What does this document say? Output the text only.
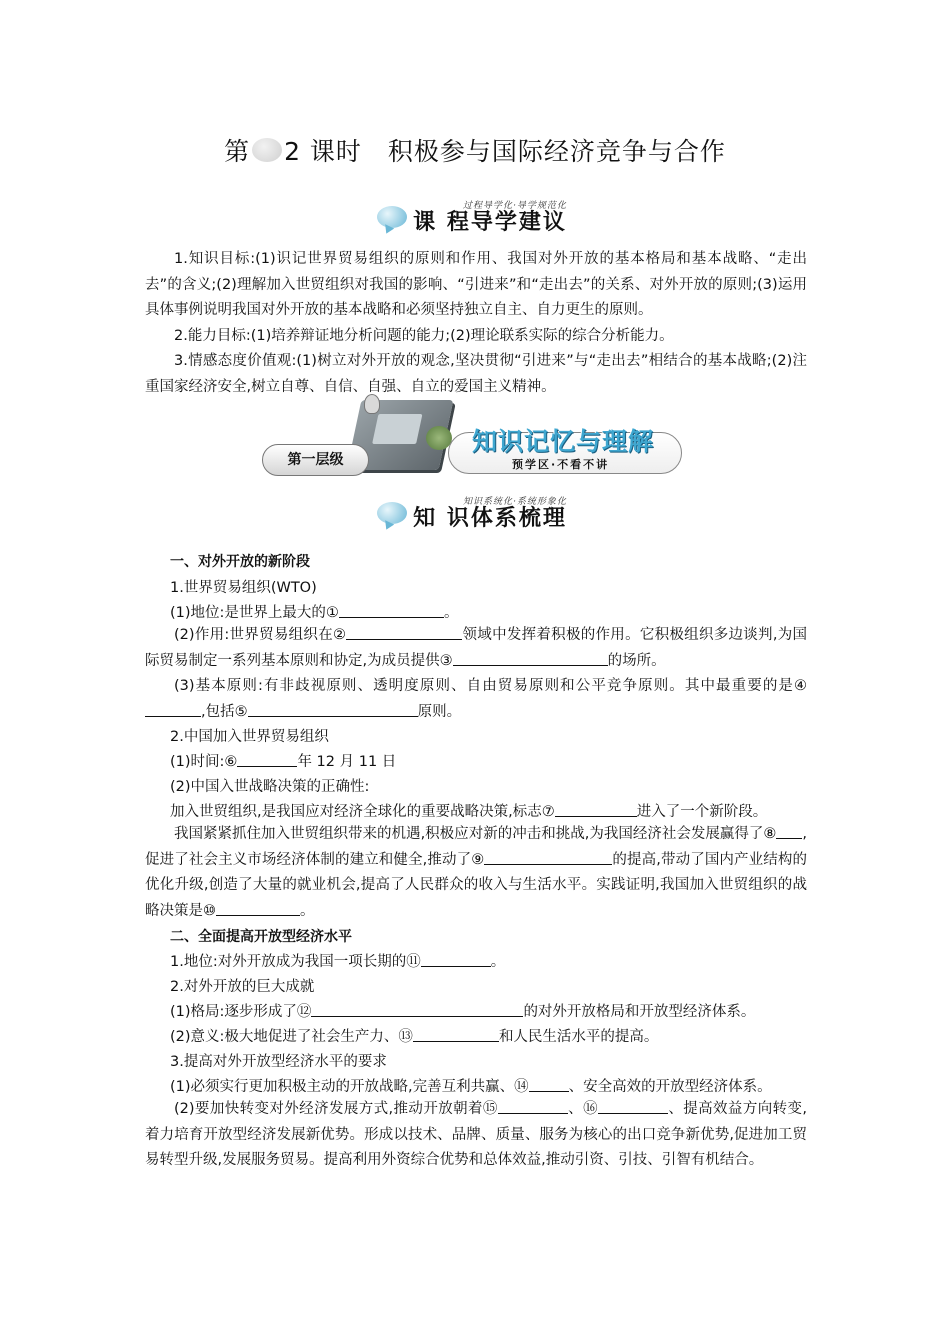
第 2 课时　积极参与国际经济竞争与合作
过程导学化·导学规范化
课 程导学建议

1.知识目标:(1)识记世界贸易组织的原则和作用、我国对外开放的基本格局和基本战略、“走出去”的含义;(2)理解加入世贸组织对我国的影响、“引进来”和“走出去”的关系、对外开放的原则;(3)运用具体事例说明我国对外开放的基本战略和必须坚持独立自主、自力更生的原则。

2.能力目标:(1)培养辩证地分析问题的能力;(2)理论联系实际的综合分析能力。

3.情感态度价值观:(1)树立对外开放的观念,坚决贯彻“引进来”与“走出去”相结合的基本战略;(2)注重国家经济安全,树立自尊、自信、自强、自立的爱国主义精神。

第一层级
知识记忆与理解
预学区·不看不讲
知识系统化·系统形象化
知 识体系梳理
一、对外开放的新阶段
1.世界贸易组织(WTO)
(1)地位:是世界上最大的①	。

(2)作用:世界贸易组织在②	领域中发挥着积极的作用。它积极组织多边谈判,为国际贸易制定一系列基本原则和协定,为成员提供③	的场所。

(3)基本原则:有非歧视原则、透明度原则、自由贸易原则和公平竞争原则。其中最重要的是④,包括⑤	原则。

2.中国加入世界贸易组织
(1)时间:⑥	年 12 月 11 日
(2)中国入世战略决策的正确性:
加入世贸组织,是我国应对经济全球化的重要战略决策,标志⑦	进入了一个新阶段。

我国紧紧抓住加入世贸组织带来的机遇,积极应对新的冲击和挑战,为我国经济社会发展赢得了⑧ ,促进了社会主义市场经济体制的建立和健全,推动了⑨	的提高,带动了国内产业结构的优化升级,创造了大量的就业机会,提高了人民群众的收入与生活水平。实践证明,我国加入世贸组织的战略决策是⑩	。

二、全面提高开放型经济水平
1.地位:对外开放成为我国一项长期的⑪	。
2.对外开放的巨大成就
(1)格局:逐步形成了⑫	的对外开放格局和开放型经济体系。
(2)意义:极大地促进了社会生产力、⑬	和人民生活水平的提高。
3.提高对外开放型经济水平的要求
(1)必须实行更加积极主动的开放战略,完善互利共赢、⑭	、安全高效的开放型经济体系。

(2)要加快转变对外经济发展方式,推动开放朝着⑮	、⑯	、提高效益方向转变,着力培育开放型经济发展新优势。形成以技术、品牌、质量、服务为核心的出口竞争新优势,促进加工贸易转型升级,发展服务贸易。提高利用外资综合优势和总体效益,推动引资、引技、引智有机结合。
